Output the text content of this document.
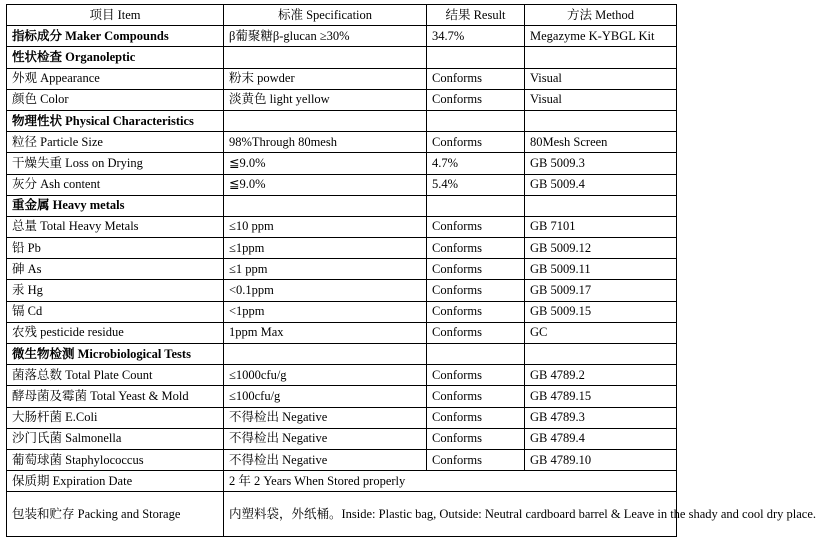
项目 Item	标准 Specification	结果 Result	方法 Method
指标成分 Maker Compounds	β葡聚糖β-glucan ≥30%	34.7%	Megazyme K-YBGL Kit
性状检查 Organoleptic			
外观 Appearance	粉末 powder	Conforms	Visual
颜色 Color	淡黄色 light yellow	Conforms	Visual
物理性状 Physical Characteristics			
粒径 Particle Size	98%Through 80mesh	Conforms	80Mesh Screen
干燥失重 Loss on Drying	≦9.0%	4.7%	GB 5009.3
灰分 Ash content	≦9.0%	5.4%	GB 5009.4
重金属 Heavy metals			
总量 Total Heavy Metals	≤10 ppm	Conforms	GB 7101
铅 Pb	≤1ppm	Conforms	GB 5009.12
砷 As	≤1 ppm	Conforms	GB 5009.11
汞 Hg	<0.1ppm	Conforms	GB 5009.17
镉 Cd	<1ppm	Conforms	GB 5009.15
农残 pesticide residue	1ppm Max	Conforms	GC
微生物检测 Microbiological Tests			
菌落总数 Total Plate Count	≤1000cfu/g	Conforms	GB 4789.2
酵母菌及霉菌 Total Yeast & Mold	≤100cfu/g	Conforms	GB 4789.15
大肠杆菌 E.Coli	不得检出 Negative	Conforms	GB 4789.3
沙门氏菌 Salmonella	不得检出 Negative	Conforms	GB 4789.4
葡萄球菌 Staphylococcus	不得检出 Negative	Conforms	GB 4789.10
保质期 Expiration Date	2 年 2 Years When Stored properly		
包装和贮存 Packing and Storage	内塑料袋，外纸桶。Inside: Plastic bag, Outside: Neutral cardboard barrel & Leave in the shady and cool dry place.		
